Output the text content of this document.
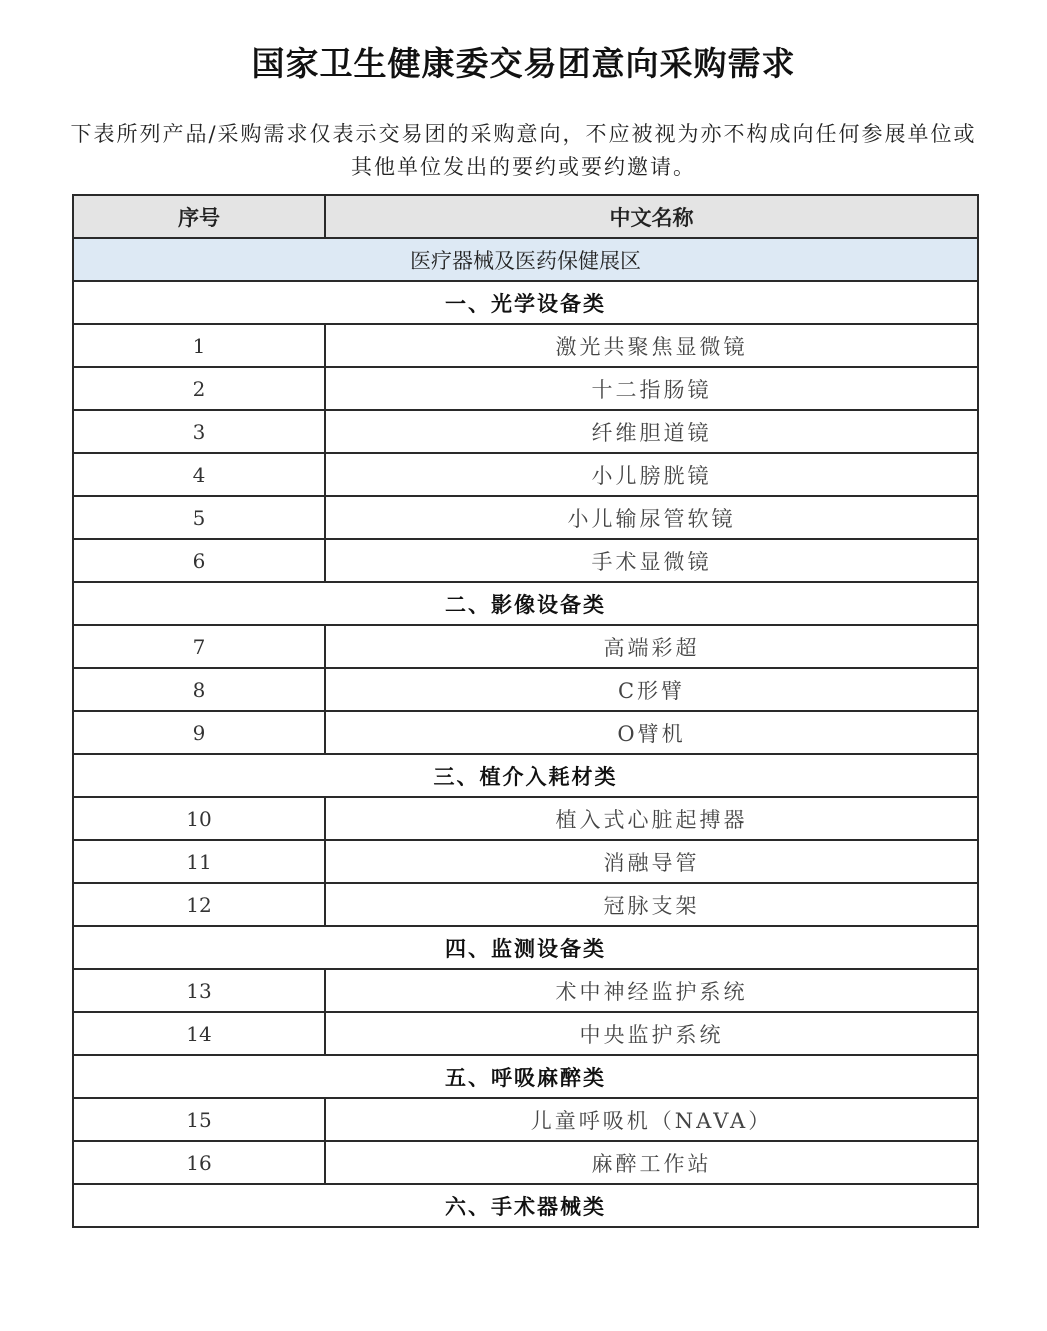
国家卫生健康委交易团意向采购需求
下表所列产品/采购需求仅表示交易团的采购意向，不应被视为亦不构成向任何参展单位或其他单位发出的要约或要约邀请。
序号	中文名称
医疗器械及医药保健展区	
一、光学设备类	
1	激光共聚焦显微镜
2	十二指肠镜
3	纤维胆道镜
4	小儿膀胱镜
5	小儿输尿管软镜
6	手术显微镜
二、影像设备类	
7	高端彩超
8	C形臂
9	O臂机
三、植介入耗材类	
10	植入式心脏起搏器
11	消融导管
12	冠脉支架
四、监测设备类	
13	术中神经监护系统
14	中央监护系统
五、呼吸麻醉类	
15	儿童呼吸机（NAVA）
16	麻醉工作站
六、手术器械类	
